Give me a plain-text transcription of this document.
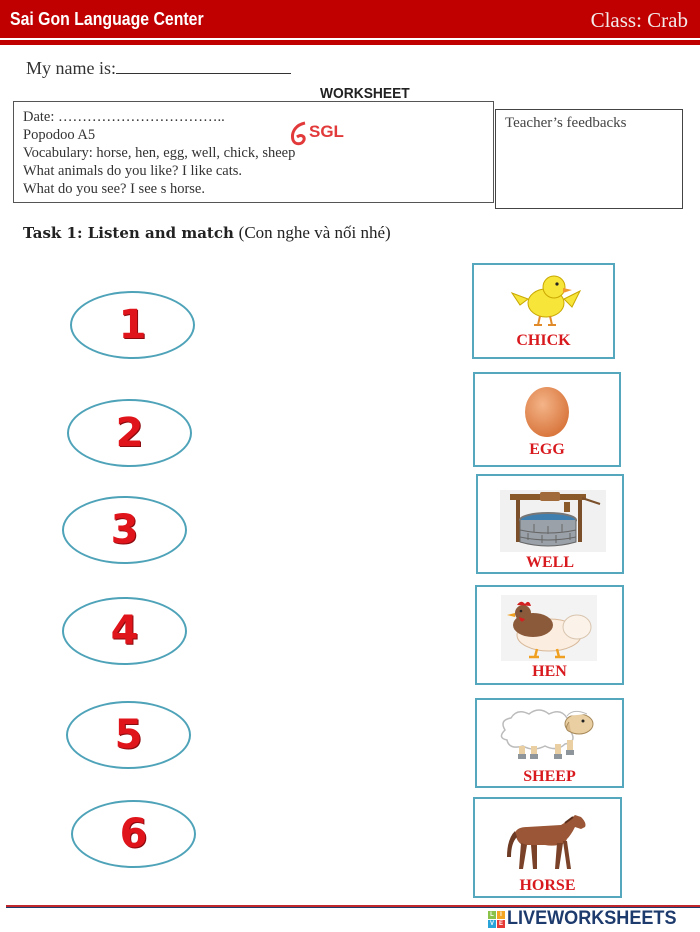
Sai Gon Language Center	Class: Crab
My name is:
WORKSHEET
Date: ……………………………..
Popodoo A5
Vocabulary: horse, hen, egg, well, chick, sheep
What animals do you like? I like cats.
What do you see? I see s horse.
SGL	Teacher’s feedbacks
Task 1: Listen and match (Con nghe và nối nhé)
1
2
3
4
5
6
CHICK
EGG
WELL
HEN
SHEEP
HORSE
L	I
V E LIVEWORKSHEETS
